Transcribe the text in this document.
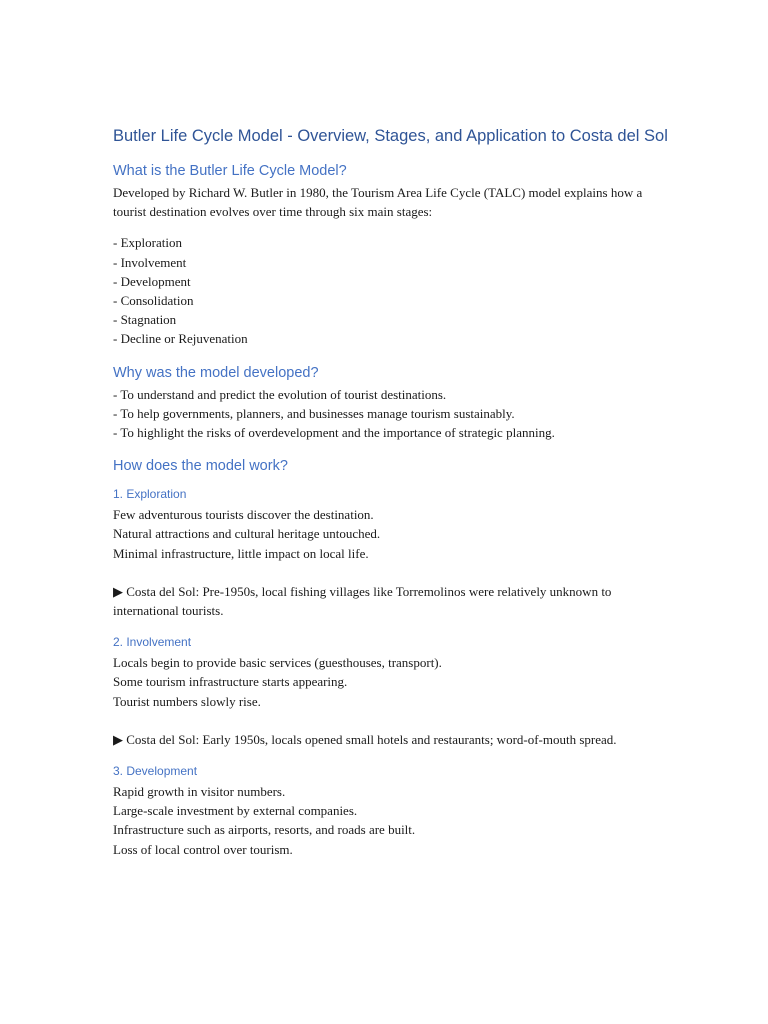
Butler Life Cycle Model - Overview, Stages, and Application to Costa del Sol
What is the Butler Life Cycle Model?
Developed by Richard W. Butler in 1980, the Tourism Area Life Cycle (TALC) model explains how a tourist destination evolves over time through six main stages:
- Exploration
- Involvement
- Development
- Consolidation
- Stagnation
- Decline or Rejuvenation
Why was the model developed?
- To understand and predict the evolution of tourist destinations.
- To help governments, planners, and businesses manage tourism sustainably.
- To highlight the risks of overdevelopment and the importance of strategic planning.
How does the model work?
1. Exploration
Few adventurous tourists discover the destination.
Natural attractions and cultural heritage untouched.
Minimal infrastructure, little impact on local life.
▶ Costa del Sol: Pre-1950s, local fishing villages like Torremolinos were relatively unknown to international tourists.
2. Involvement
Locals begin to provide basic services (guesthouses, transport).
Some tourism infrastructure starts appearing.
Tourist numbers slowly rise.
▶ Costa del Sol: Early 1950s, locals opened small hotels and restaurants; word-of-mouth spread.
3. Development
Rapid growth in visitor numbers.
Large-scale investment by external companies.
Infrastructure such as airports, resorts, and roads are built.
Loss of local control over tourism.
